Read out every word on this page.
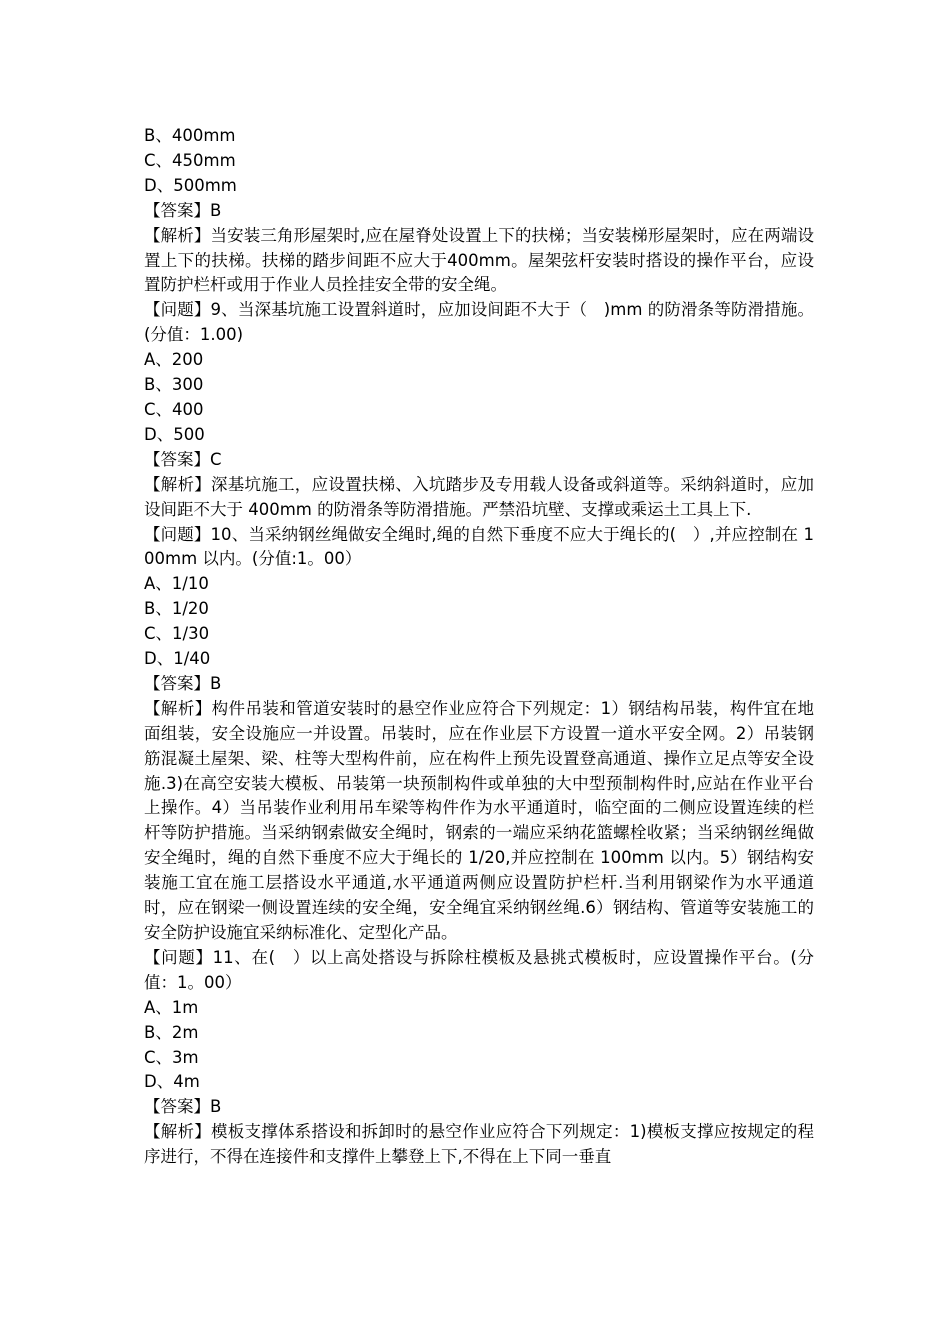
B、400mm
C、450mm
D、500mm
【答案】B
【解析】当安装三角形屋架时,应在屋脊处设置上下的扶梯；当安装梯形屋架时，应在两端设置上下的扶梯。扶梯的踏步间距不应大于400mm。屋架弦杆安装时搭设的操作平台，应设置防护栏杆或用于作业人员拴挂安全带的安全绳。
【问题】9、当深基坑施工设置斜道时，应加设间距不大于（　)mm 的防滑条等防滑措施。(分值：1.00)
A、200
B、300
C、400
D、500
【答案】C
【解析】深基坑施工，应设置扶梯、入坑踏步及专用载人设备或斜道等。采纳斜道时，应加设间距不大于 400mm 的防滑条等防滑措施。严禁沿坑壁、支撑或乘运土工具上下.
【问题】10、当采纳钢丝绳做安全绳时,绳的自然下垂度不应大于绳长的(　）,并应控制在 100mm 以内。(分值:1。00）
A、1/10
B、1/20
C、1/30
D、1/40
【答案】B
【解析】构件吊装和管道安装时的悬空作业应符合下列规定：1）钢结构吊装，构件宜在地面组装，安全设施应一并设置。吊装时，应在作业层下方设置一道水平安全网。2）吊装钢筋混凝土屋架、梁、柱等大型构件前，应在构件上预先设置登高通道、操作立足点等安全设施.3)在高空安装大模板、吊装第一块预制构件或单独的大中型预制构件时,应站在作业平台上操作。4）当吊装作业利用吊车梁等构件作为水平通道时，临空面的二侧应设置连续的栏杆等防护措施。当采纳钢索做安全绳时，钢索的一端应采纳花篮螺栓收紧；当采纳钢丝绳做安全绳时，绳的自然下垂度不应大于绳长的 1/20,并应控制在 100mm 以内。5）钢结构安装施工宜在施工层搭设水平通道,水平通道两侧应设置防护栏杆.当利用钢梁作为水平通道时，应在钢梁一侧设置连续的安全绳，安全绳宜采纳钢丝绳.6）钢结构、管道等安装施工的安全防护设施宜采纳标准化、定型化产品。
【问题】11、在(　）以上高处搭设与拆除柱模板及悬挑式模板时，应设置操作平台。(分值：1。00）
A、1m
B、2m
C、3m
D、4m
【答案】B
【解析】模板支撑体系搭设和拆卸时的悬空作业应符合下列规定：1)模板支撑应按规定的程序进行，不得在连接件和支撑件上攀登上下,不得在上下同一垂直
